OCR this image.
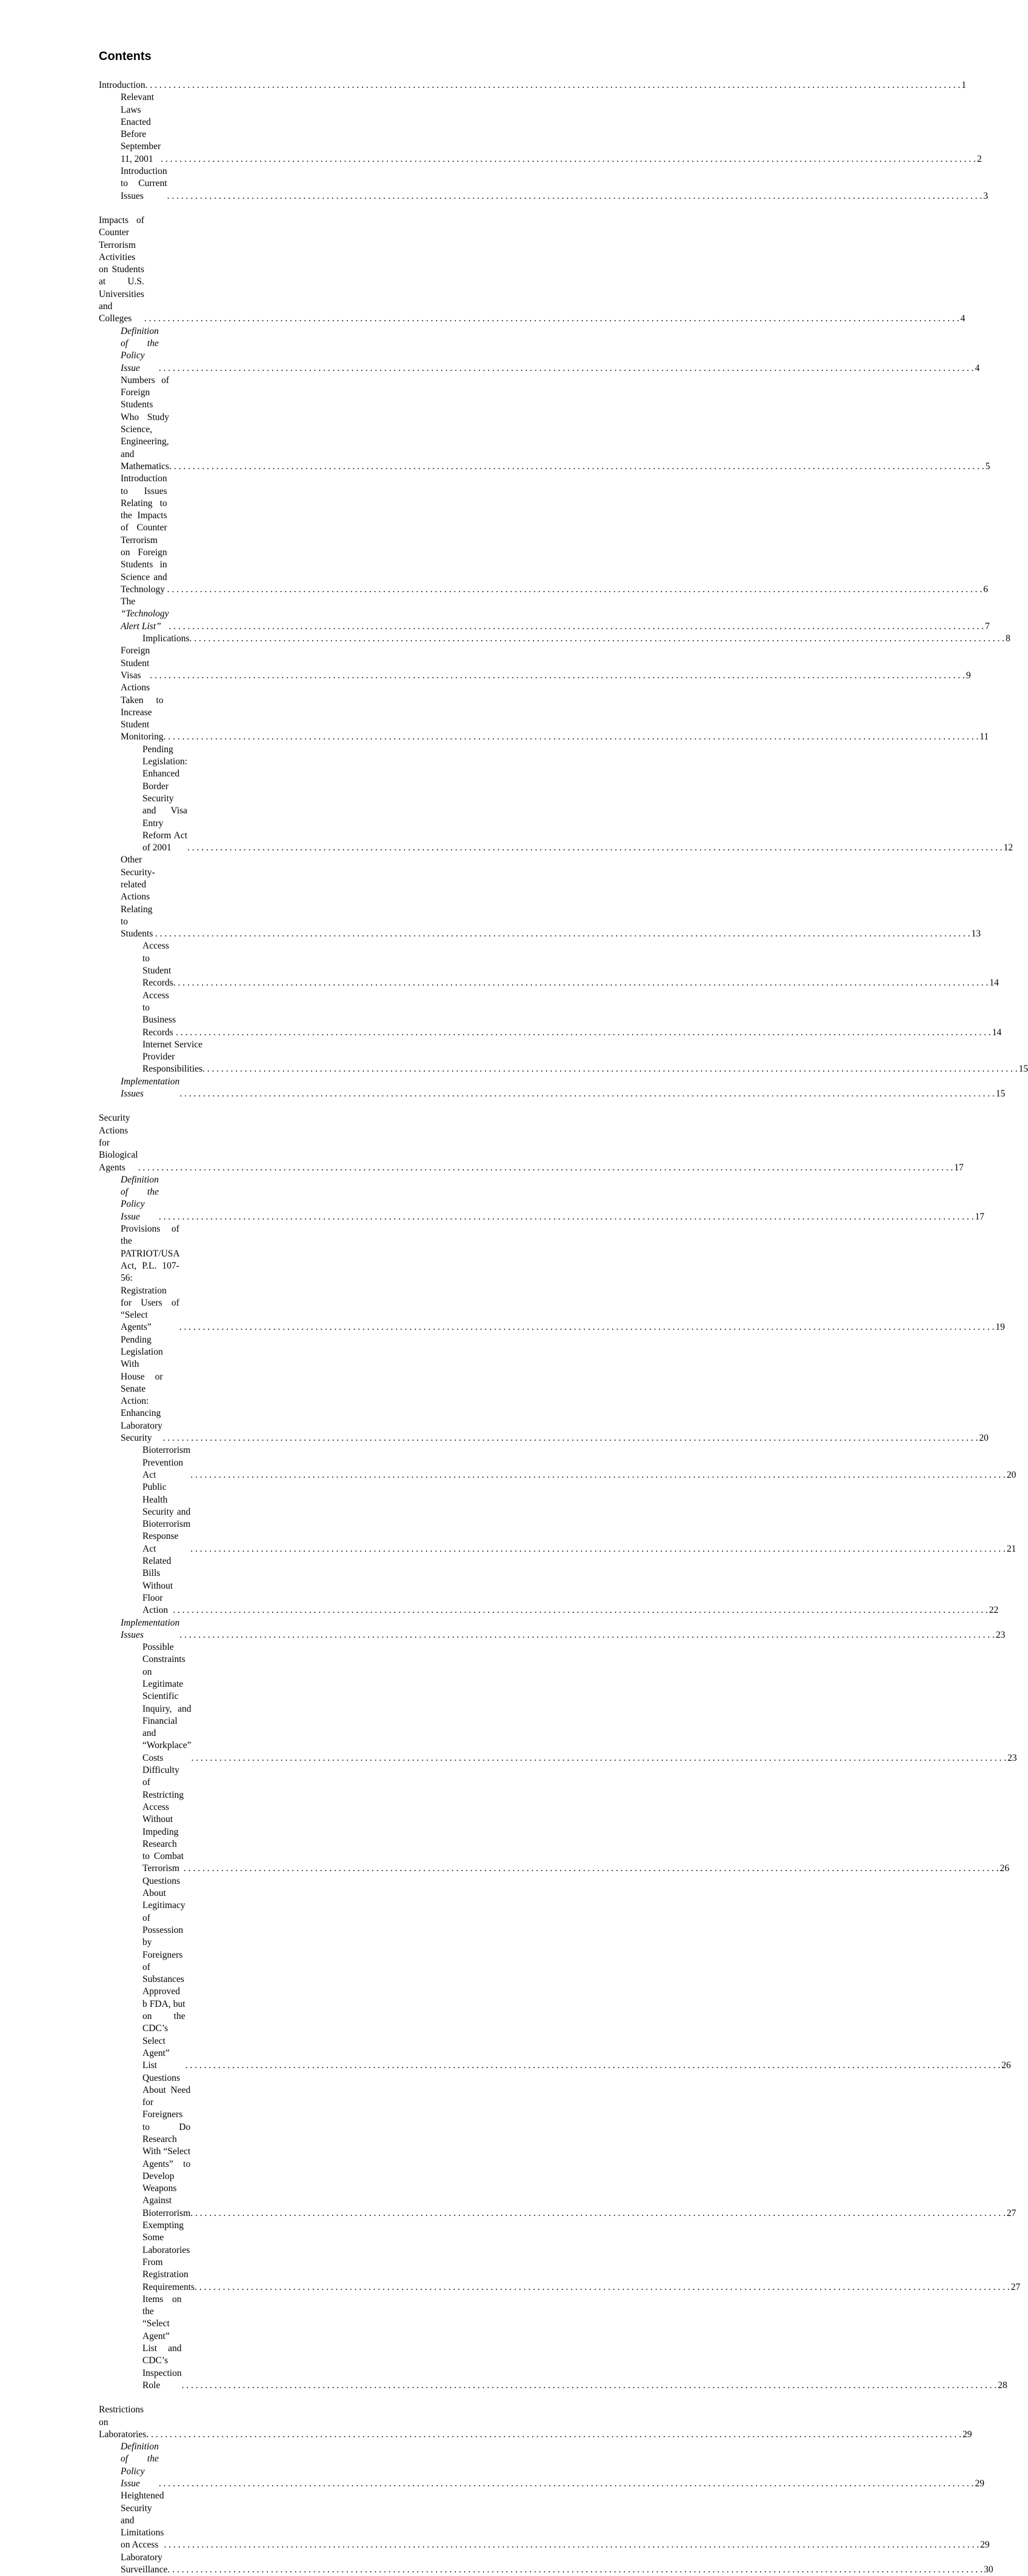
Contents
Introduction . . .	1
Relevant Laws Enacted Before September 11, 2001 . . .	2
Introduction to Current Issues . . .	3
Impacts of Counter Terrorism Activities on Students at U.S. Universities and Colleges . . .	4
Definition of the Policy Issue . . .	4
Numbers of Foreign Students Who Study Science, Engineering, and Mathematics . . .	5
Introduction to Issues Relating to the Impacts of Counter Terrorism on Foreign Students in Science and Technology . . .	6
The “Technology Alert List” . . .	7
Implications . . .	8
Foreign Student Visas . . .	9
Actions Taken to Increase Student Monitoring . . .	11
Pending Legislation: Enhanced Border Security and Visa Entry Reform Act of 2001 . . .	12
Other Security-related Actions Relating to Students . . .	13
Access to Student Records . . .	14
Access to Business Records . . .	14
Internet Service Provider Responsibilities . . .	15
Implementation Issues . . .	15
Security Actions for Biological Agents . . .	17
Definition of the Policy Issue . . .	17
Provisions of the PATRIOT/USA Act, P.L. 107-56: Registration for Users of “Select Agents” . . .	19
Pending Legislation With House or Senate Action: Enhancing Laboratory Security . . .	20
Bioterrorism Prevention Act . . .	20
Public Health Security and Bioterrorism Response Act . . .	21
Related Bills Without Floor Action . . .	22
Implementation Issues . . .	23
Possible Constraints on Legitimate Scientific Inquiry, and Financial and “Workplace” Costs . . .	23
Difficulty of Restricting Access Without Impeding Research to Combat Terrorism . . .	26
Questions About Legitimacy of Possession by Foreigners of Substances Approved b FDA, but on the CDC’s Select Agent” List . . .	26
Questions About Need for Foreigners to Do Research With “Select Agents” to Develop Weapons Against Bioterrorism . . .	27
Exempting Some Laboratories From Registration Requirements . . .	27
Items on the “Select Agent” List and CDC’s Inspection Role . . .	28
Restrictions on Laboratories . . .	29
Definition of the Policy Issue . . .	29
Heightened Security and Limitations on Access . . .	29
Laboratory Surveillance . . .	30
